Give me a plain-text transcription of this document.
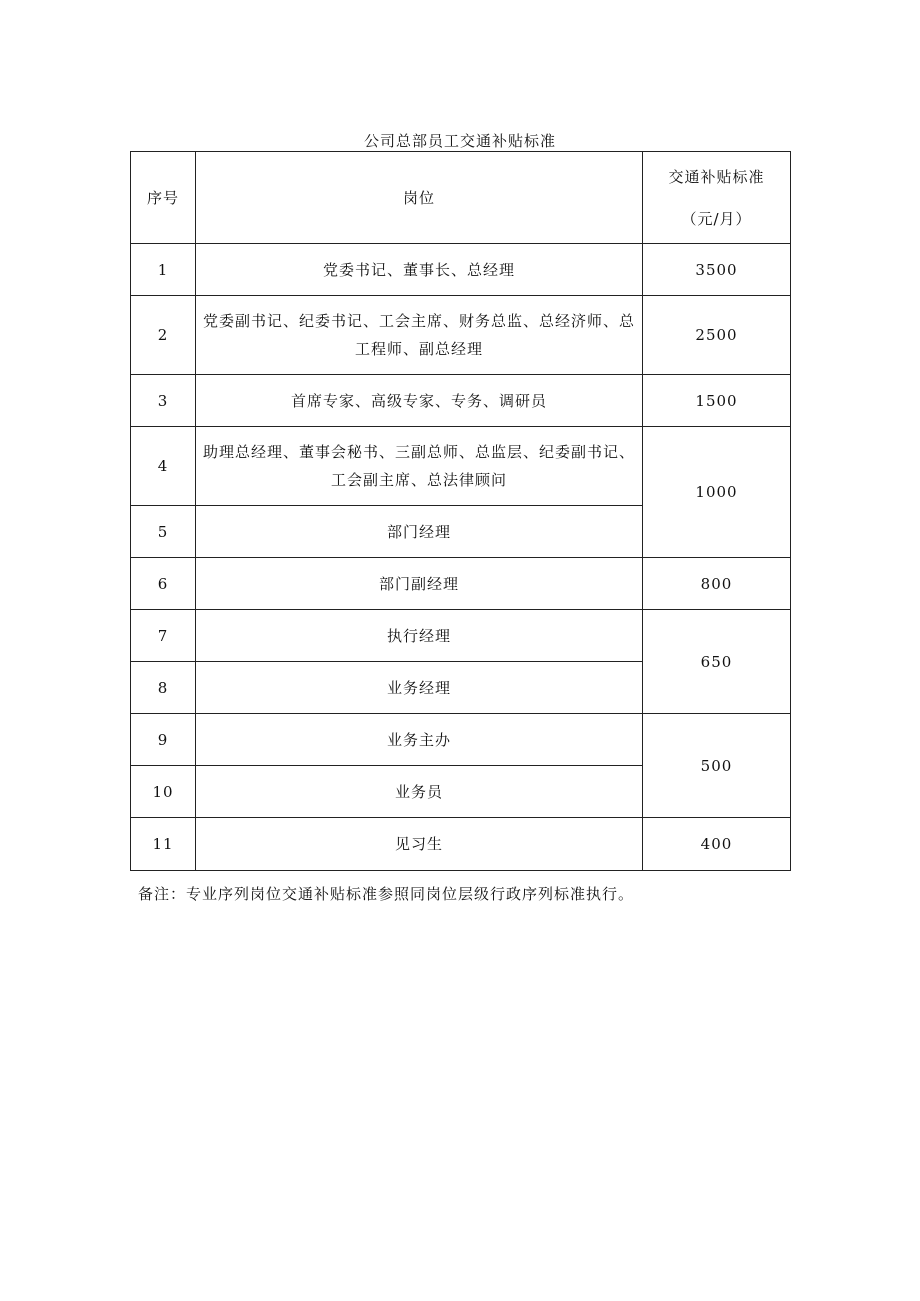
公司总部员工交通补贴标准
序号	岗位	交通补贴标准
（元/月）

1	党委书记、董事长、总经理	3500
2	党委副书记、纪委书记、工会主席、财务总监、总经济师、总工程师、副总经理	2500
3	首席专家、高级专家、专务、调研员	1500
4	助理总经理、董事会秘书、三副总师、总监层、纪委副书记、工会副主席、总法律顾问	1000
5	部门经理	
6	部门副经理	800
7	执行经理	650
8	业务经理	
9	业务主办	500
10	业务员	
11	见习生	400
备注：专业序列岗位交通补贴标准参照同岗位层级行政序列标准执行。
